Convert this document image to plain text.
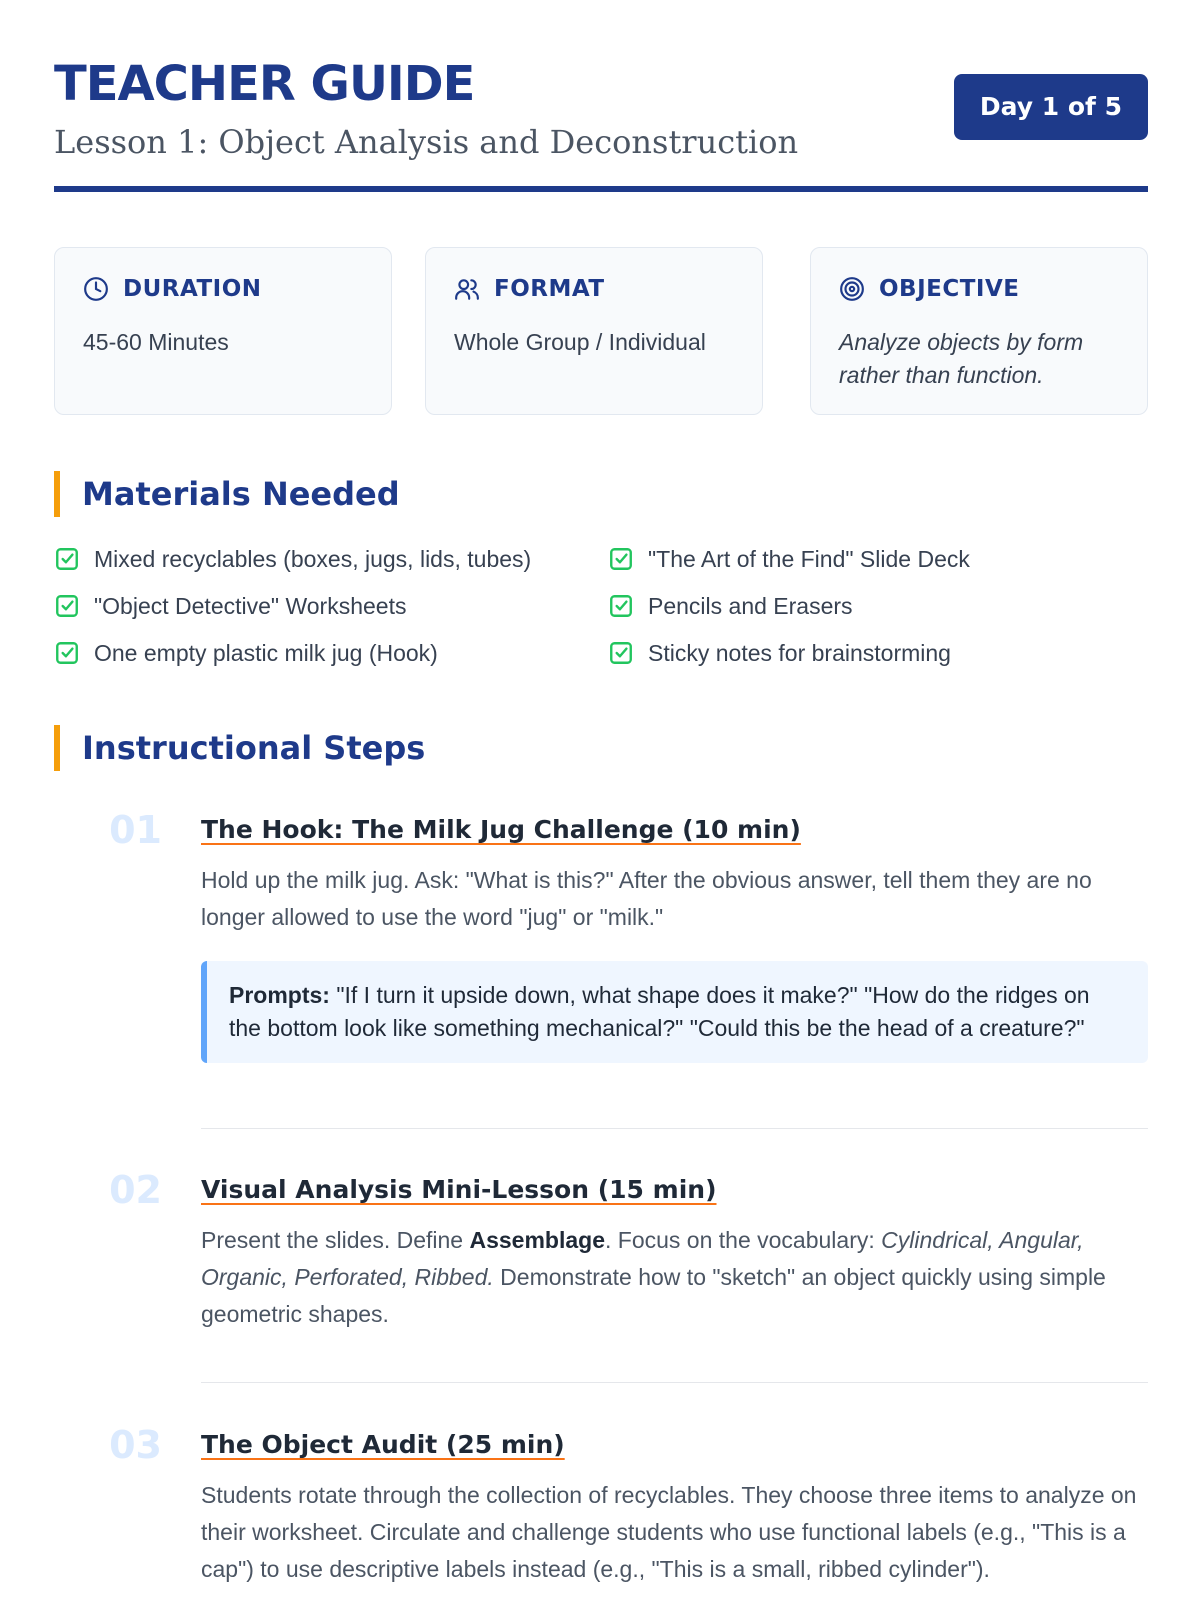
TEACHER GUIDE
Lesson 1: Object Analysis and Deconstruction
Day 1 of 5
DURATION
45-60 Minutes
FORMAT
Whole Group / Individual
OBJECTIVE
Analyze objects by form rather than function.
Materials Needed
Mixed recyclables (boxes, jugs, lids, tubes)	"The Art of the Find" Slide Deck
"Object Detective" Worksheets	Pencils and Erasers
One empty plastic milk jug (Hook)	Sticky notes for brainstorming
Instructional Steps
01 The Hook: The Milk Jug Challenge (10 min)
Hold up the milk jug. Ask: "What is this?" After the obvious answer, tell them they are no longer allowed to use the word "jug" or "milk."
Prompts: "If I turn it upside down, what shape does it make?" "How do the ridges on the bottom look like something mechanical?" "Could this be the head of a creature?"
02 Visual Analysis Mini-Lesson (15 min)
Present the slides. Define Assemblage. Focus on the vocabulary: Cylindrical, Angular, Organic, Perforated, Ribbed. Demonstrate how to "sketch" an object quickly using simple geometric shapes.
03 The Object Audit (25 min)
Students rotate through the collection of recyclables. They choose three items to analyze on their worksheet. Circulate and challenge students who use functional labels (e.g., "This is a cap") to use descriptive labels instead (e.g., "This is a small, ribbed cylinder").
